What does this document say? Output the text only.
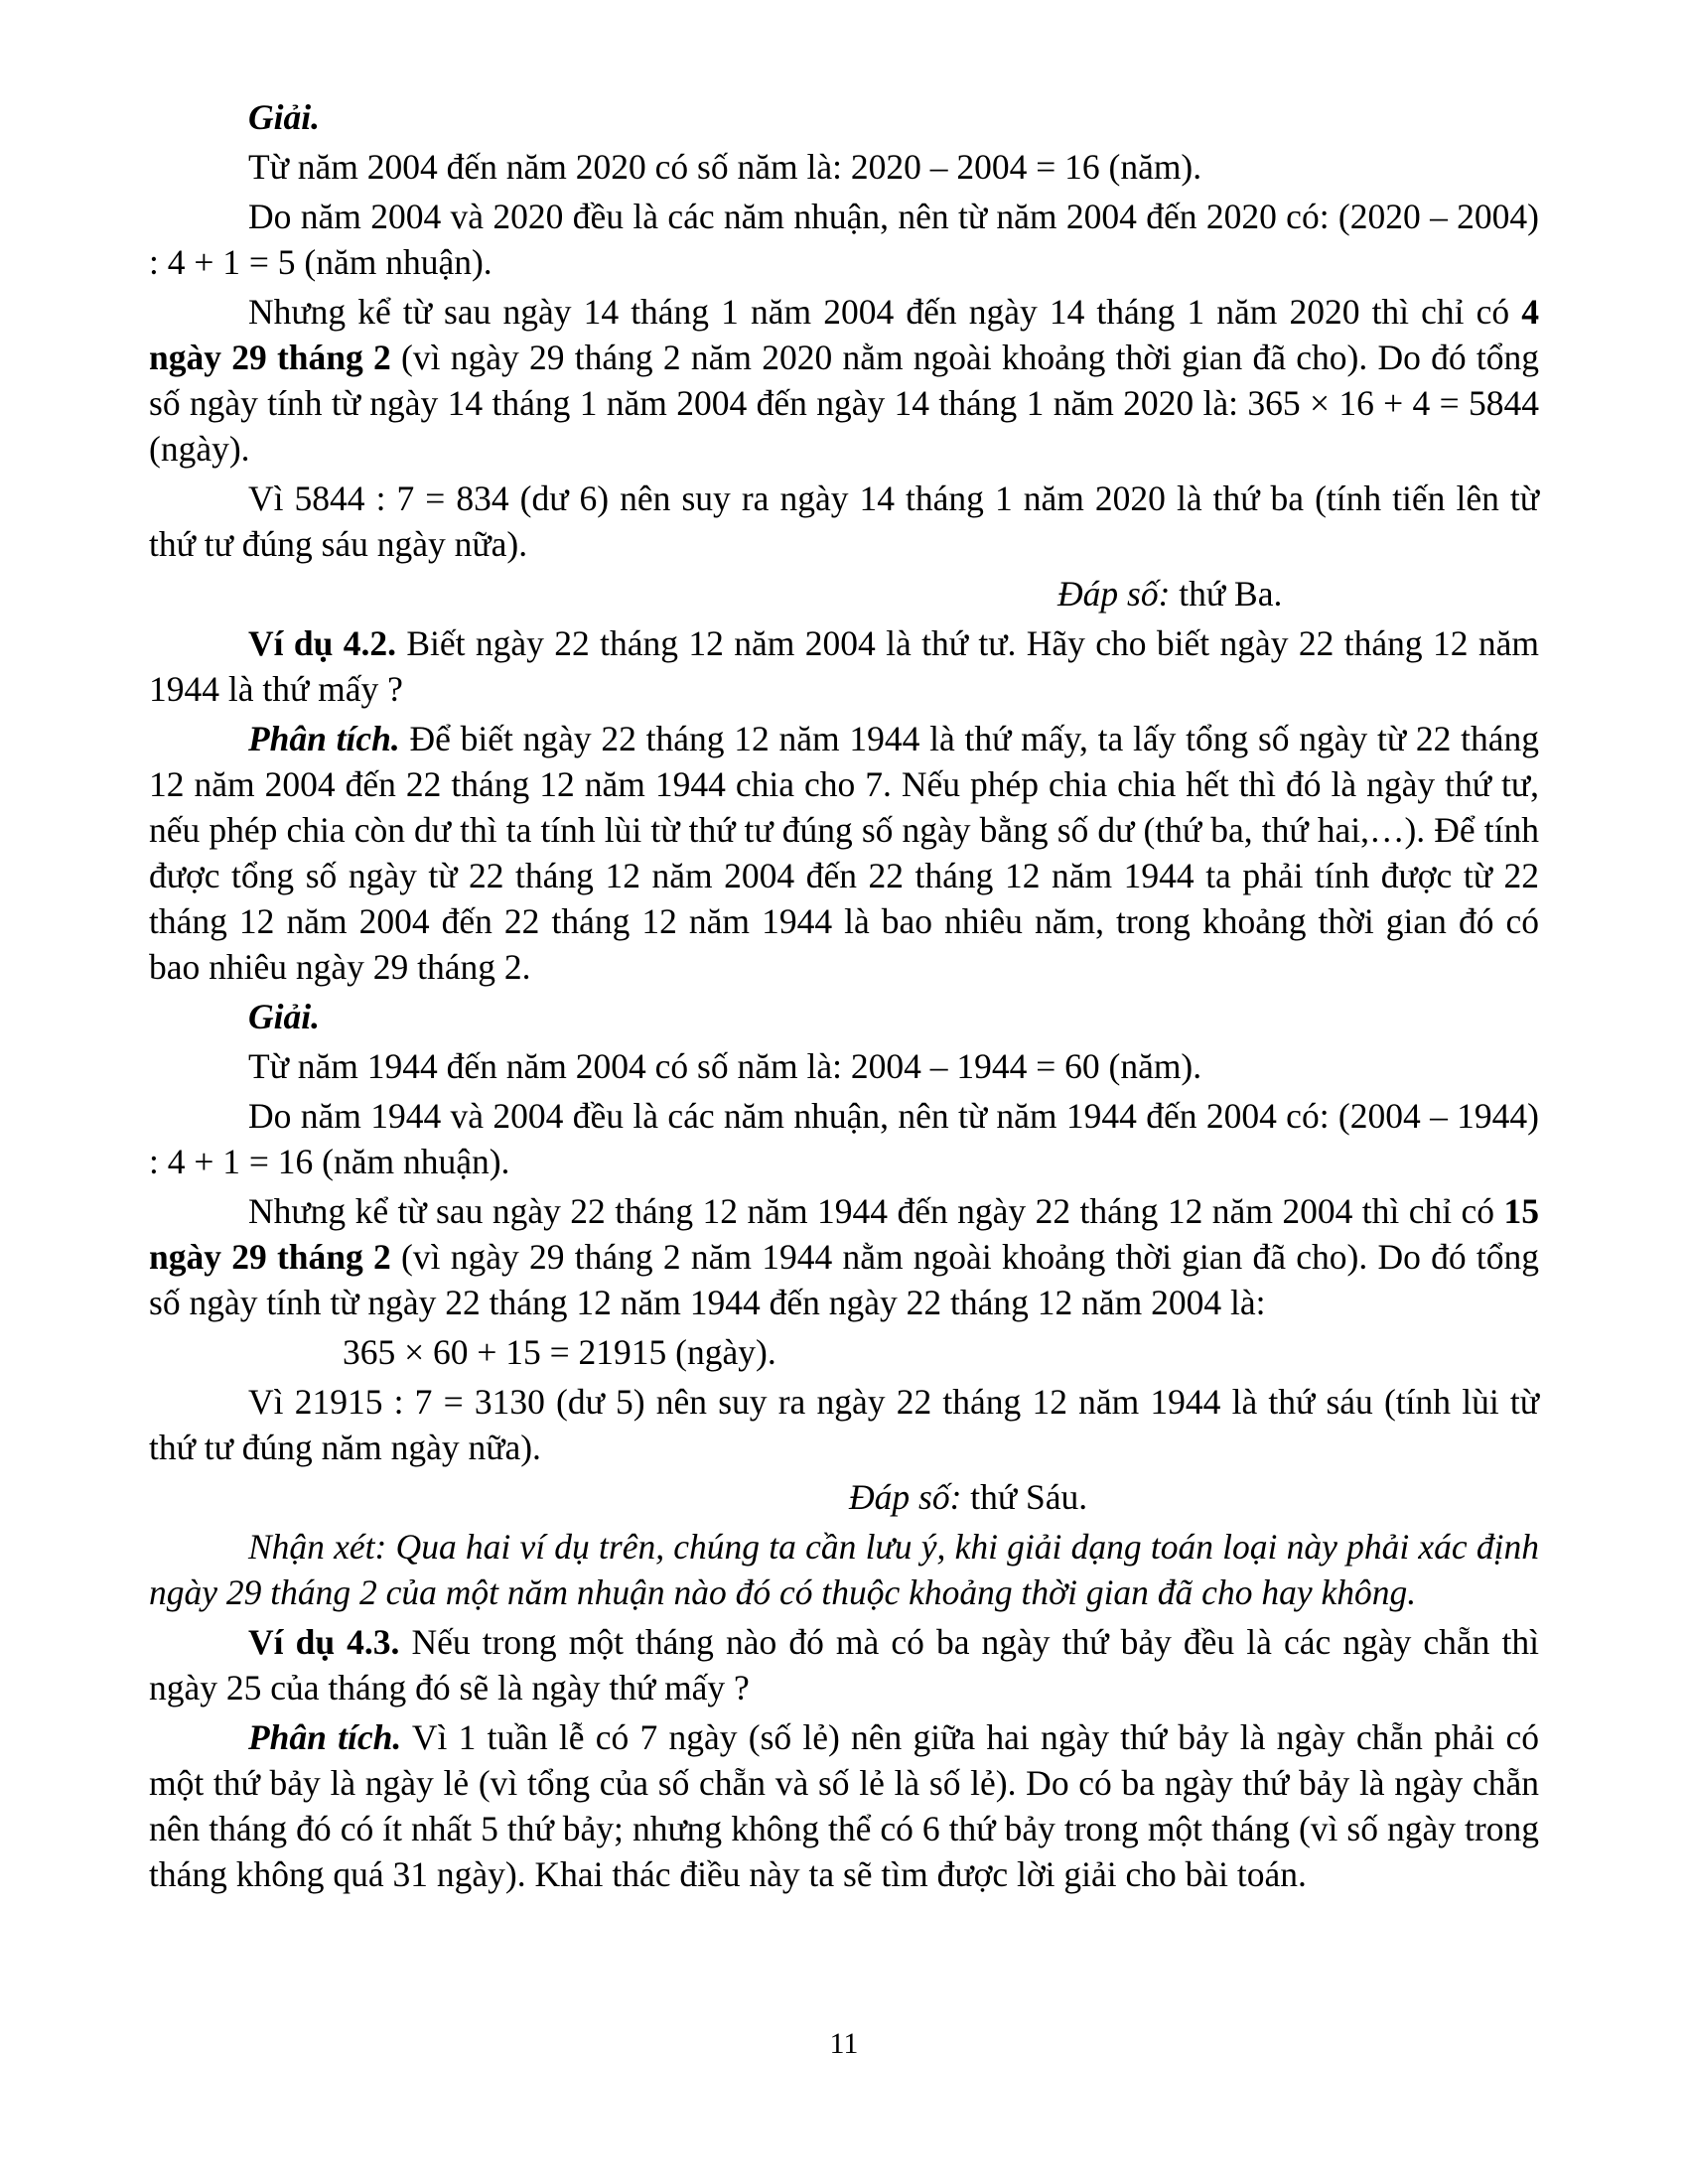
Giải.

Từ năm 2004 đến năm 2020 có số năm là: 2020 – 2004 = 16 (năm).

Do năm 2004 và 2020 đều là các năm nhuận, nên từ năm 2004 đến 2020 có: (2020 – 2004) : 4 + 1 = 5 (năm nhuận).

Nhưng kể từ sau ngày 14 tháng 1 năm 2004 đến ngày 14 tháng 1 năm 2020 thì chỉ có 4 ngày 29 tháng 2 (vì ngày 29 tháng 2 năm 2020 nằm ngoài khoảng thời gian đã cho). Do đó tổng số ngày tính từ ngày 14 tháng 1 năm 2004 đến ngày 14 tháng 1 năm 2020 là: 365 × 16 + 4 = 5844 (ngày).

Vì 5844 : 7 = 834 (dư 6) nên suy ra ngày 14 tháng 1 năm 2020 là thứ ba (tính tiến lên từ thứ tư đúng sáu ngày nữa).

Đáp số: thứ Ba.

Ví dụ 4.2. Biết ngày 22 tháng 12 năm 2004 là thứ tư. Hãy cho biết ngày 22 tháng 12 năm 1944 là thứ mấy ?

Phân tích. Để biết ngày 22 tháng 12 năm 1944 là thứ mấy, ta lấy tổng số ngày từ 22 tháng 12 năm 2004 đến 22 tháng 12 năm 1944 chia cho 7. Nếu phép chia chia hết thì đó là ngày thứ tư, nếu phép chia còn dư thì ta tính lùi từ thứ tư đúng số ngày bằng số dư (thứ ba, thứ hai,…). Để tính được tổng số ngày từ 22 tháng 12 năm 2004 đến 22 tháng 12 năm 1944 ta phải tính được từ 22 tháng 12 năm 2004 đến 22 tháng 12 năm 1944 là bao nhiêu năm, trong khoảng thời gian đó có bao nhiêu ngày 29 tháng 2.

Giải.

Từ năm 1944 đến năm 2004 có số năm là: 2004 – 1944 = 60 (năm).

Do năm 1944 và 2004 đều là các năm nhuận, nên từ năm 1944 đến 2004 có: (2004 – 1944) : 4 + 1 = 16 (năm nhuận).

Nhưng kể từ sau ngày 22 tháng 12 năm 1944 đến ngày 22 tháng 12 năm 2004 thì chỉ có 15 ngày 29 tháng 2 (vì ngày 29 tháng 2 năm 1944 nằm ngoài khoảng thời gian đã cho). Do đó tổng số ngày tính từ ngày 22 tháng 12 năm 1944 đến ngày 22 tháng 12 năm 2004 là:

365 × 60 + 15 = 21915 (ngày).

Vì 21915 : 7 = 3130 (dư 5) nên suy ra ngày 22 tháng 12 năm 1944 là thứ sáu (tính lùi từ thứ tư đúng năm ngày nữa).

Đáp số: thứ Sáu.

Nhận xét: Qua hai ví dụ trên, chúng ta cần lưu ý, khi giải dạng toán loại này phải xác định ngày 29 tháng 2 của một năm nhuận nào đó có thuộc khoảng thời gian đã cho hay không.

Ví dụ 4.3. Nếu trong một tháng nào đó mà có ba ngày thứ bảy đều là các ngày chẵn thì ngày 25 của tháng đó sẽ là ngày thứ mấy ?

Phân tích. Vì 1 tuần lễ có 7 ngày (số lẻ) nên giữa hai ngày thứ bảy là ngày chẵn phải có một thứ bảy là ngày lẻ (vì tổng của số chẵn và số lẻ là số lẻ). Do có ba ngày thứ bảy là ngày chẵn nên tháng đó có ít nhất 5 thứ bảy; nhưng không thể có 6 thứ bảy trong một tháng (vì số ngày trong tháng không quá 31 ngày). Khai thác điều này ta sẽ tìm được lời giải cho bài toán.

11
